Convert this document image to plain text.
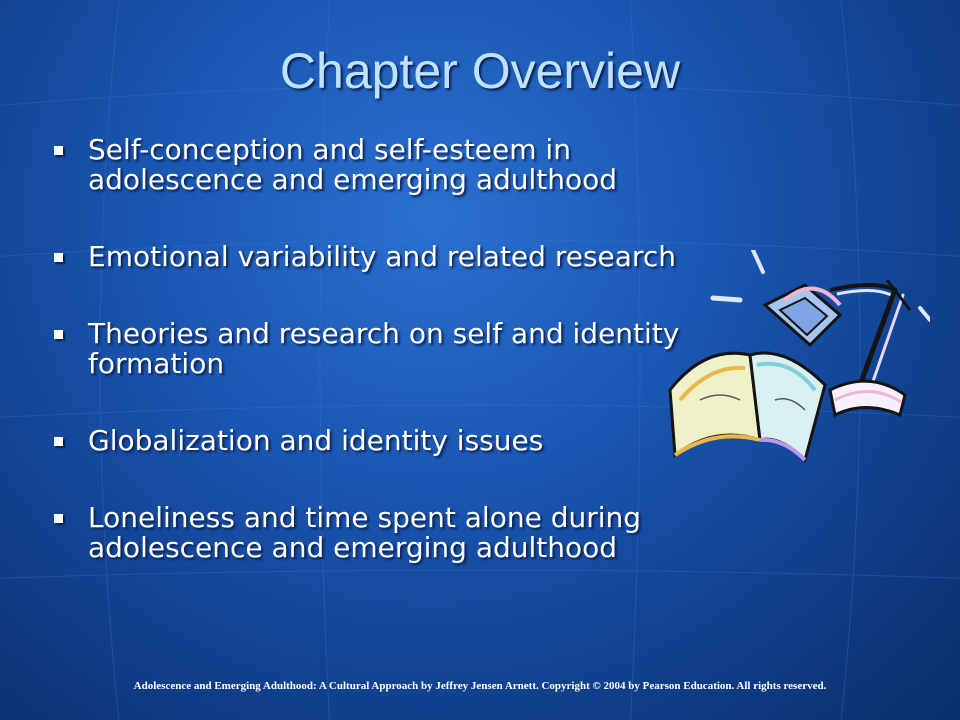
Chapter Overview
Self-conception and self-esteem in adolescence and emerging adulthood
Emotional variability and related research
Theories and research on self and identity formation
Globalization and identity issues
Loneliness and time spent alone during adolescence and emerging adulthood
Adolescence and Emerging Adulthood: A Cultural Approach by Jeffrey Jensen Arnett. Copyright © 2004 by Pearson Education. All rights reserved.
